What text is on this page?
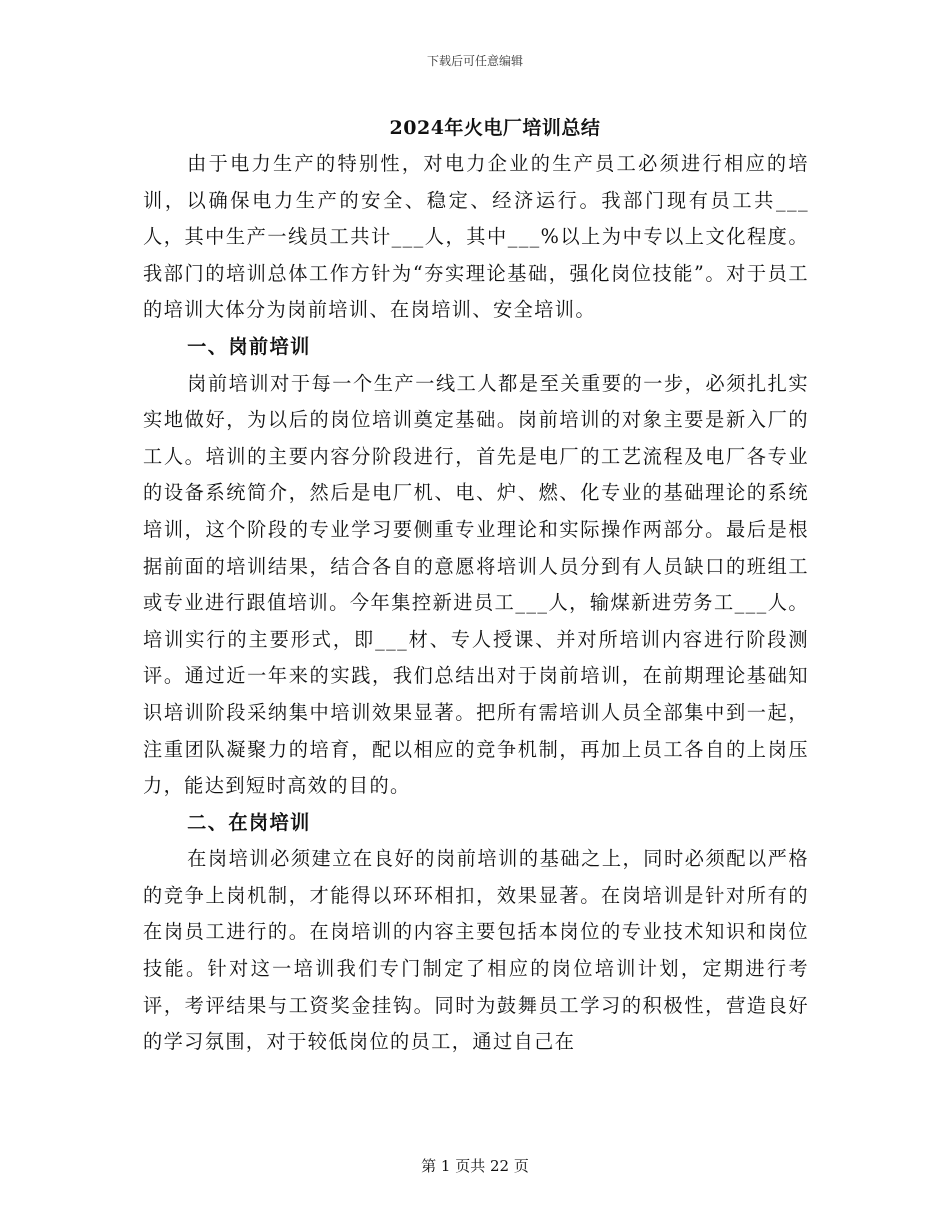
下载后可任意编辑
2024年火电厂培训总结

由于电力生产的特别性，对电力企业的生产员工必须进行相应的培训，以确保电力生产的安全、稳定、经济运行。我部门现有员工共___人，其中生产一线员工共计___人，其中___%以上为中专以上文化程度。我部门的培训总体工作方针为“夯实理论基础，强化岗位技能”。对于员工的培训大体分为岗前培训、在岗培训、安全培训。

一、岗前培训

岗前培训对于每一个生产一线工人都是至关重要的一步，必须扎扎实实地做好，为以后的岗位培训奠定基础。岗前培训的对象主要是新入厂的工人。培训的主要内容分阶段进行，首先是电厂的工艺流程及电厂各专业的设备系统简介，然后是电厂机、电、炉、燃、化专业的基础理论的系统培训，这个阶段的专业学习要侧重专业理论和实际操作两部分。最后是根据前面的培训结果，结合各自的意愿将培训人员分到有人员缺口的班组工或专业进行跟值培训。今年集控新进员工___人，输煤新进劳务工___人。培训实行的主要形式，即___材、专人授课、并对所培训内容进行阶段测评。通过近一年来的实践，我们总结出对于岗前培训，在前期理论基础知识培训阶段采纳集中培训效果显著。把所有需培训人员全部集中到一起，注重团队凝聚力的培育，配以相应的竞争机制，再加上员工各自的上岗压力，能达到短时高效的目的。

二、在岗培训

在岗培训必须建立在良好的岗前培训的基础之上，同时必须配以严格的竞争上岗机制，才能得以环环相扣，效果显著。在岗培训是针对所有的在岗员工进行的。在岗培训的内容主要包括本岗位的专业技术知识和岗位技能。针对这一培训我们专门制定了相应的岗位培训计划，定期进行考评，考评结果与工资奖金挂钩。同时为鼓舞员工学习的积极性，营造良好的学习氛围，对于较低岗位的员工，通过自己在

第 1 页共 22 页
